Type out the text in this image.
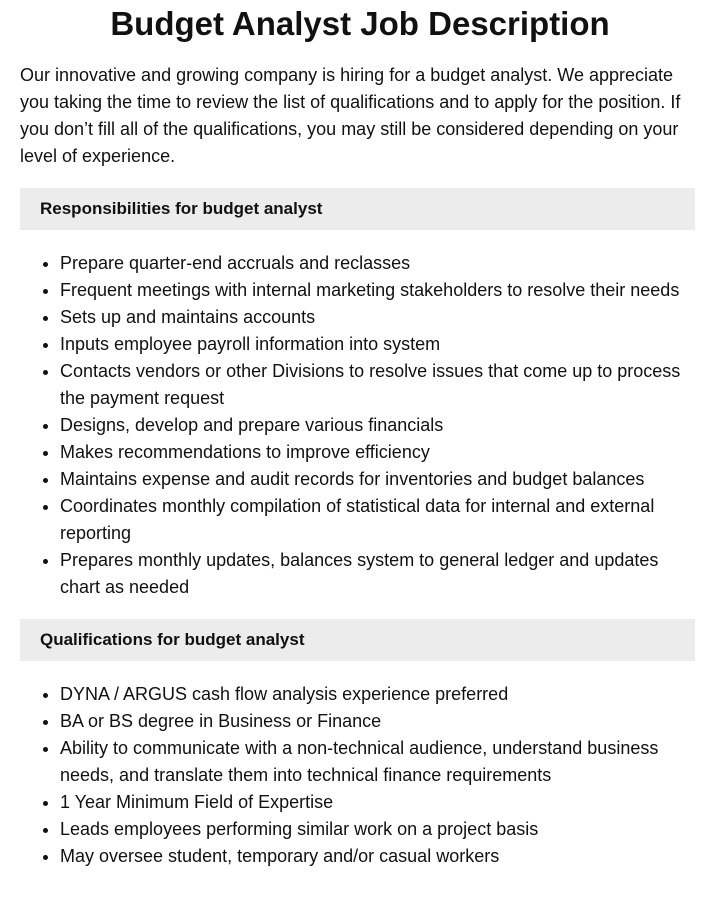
Budget Analyst Job Description

Our innovative and growing company is hiring for a budget analyst. We appreciate you taking the time to review the list of qualifications and to apply for the position. If you don’t fill all of the qualifications, you may still be considered depending on your level of experience.

Responsibilities for budget analyst
• Prepare quarter-end accruals and reclasses
• Frequent meetings with internal marketing stakeholders to resolve their needs
• Sets up and maintains accounts
• Inputs employee payroll information into system
• Contacts vendors or other Divisions to resolve issues that come up to process the payment request
• Designs, develop and prepare various financials
• Makes recommendations to improve efficiency
• Maintains expense and audit records for inventories and budget balances
• Coordinates monthly compilation of statistical data for internal and external reporting
• Prepares monthly updates, balances system to general ledger and updates chart as needed
Qualifications for budget analyst
• DYNA / ARGUS cash flow analysis experience preferred
• BA or BS degree in Business or Finance
• Ability to communicate with a non-technical audience, understand business needs, and translate them into technical finance requirements
• 1 Year Minimum Field of Expertise
• Leads employees performing similar work on a project basis
• May oversee student, temporary and/or casual workers
